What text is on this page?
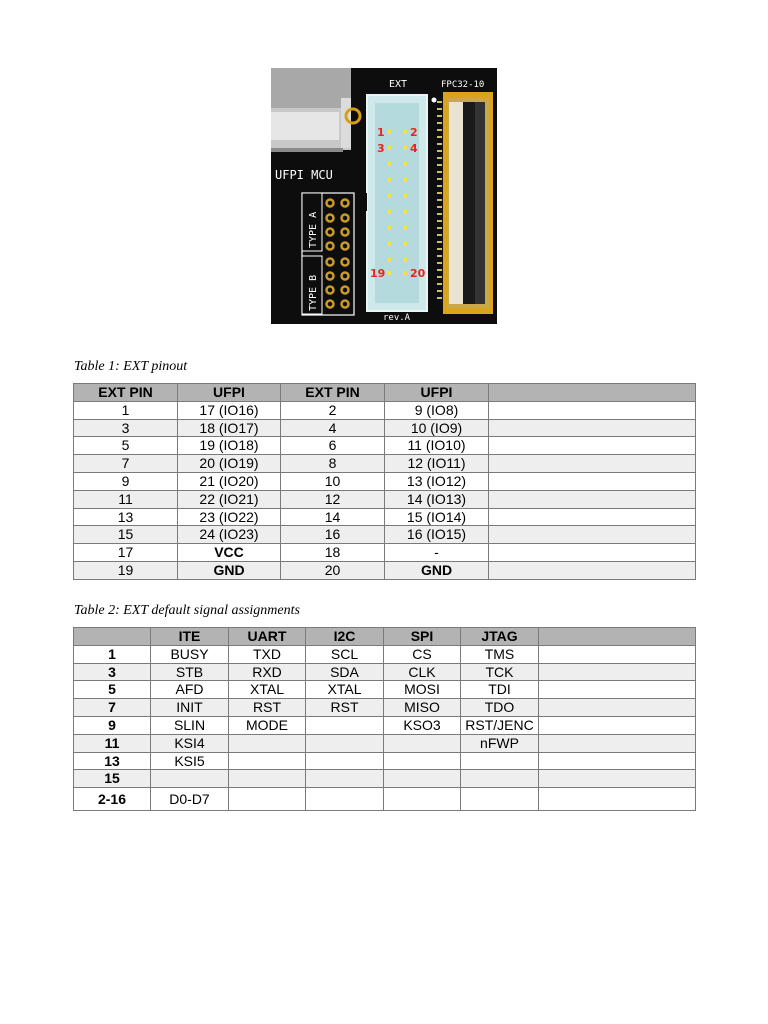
UFPI MCU
TYPE A
TYPE B
EXT
1 2
3 4
19 20
rev.A
FPC32-10
Table 1: EXT pinout
EXT PIN	UFPI	EXT PIN	UFPI	
1	17 (IO16)	2	9 (IO8)	
3	18 (IO17)	4	10 (IO9)	
5	19 (IO18)	6	11 (IO10)	
7	20 (IO19)	8	12 (IO11)	
9	21 (IO20)	10	13 (IO12)	
11	22 (IO21)	12	14 (IO13)	
13	23 (IO22)	14	15 (IO14)	
15	24 (IO23)	16	16 (IO15)	
17	VCC	18	-	
19	GND	20	GND	
Table 2: EXT default signal assignments
	ITE	UART	I2C	SPI	JTAG	
1	BUSY	TXD	SCL	CS	TMS	
3	STB	RXD	SDA	CLK	TCK	
5	AFD	XTAL	XTAL	MOSI	TDI	
7	INIT	RST	RST	MISO	TDO	
9	SLIN	MODE		KSO3	RST/JENC	
11	KSI4				nFWP	
13	KSI5					
15						
2-16	D0-D7					
